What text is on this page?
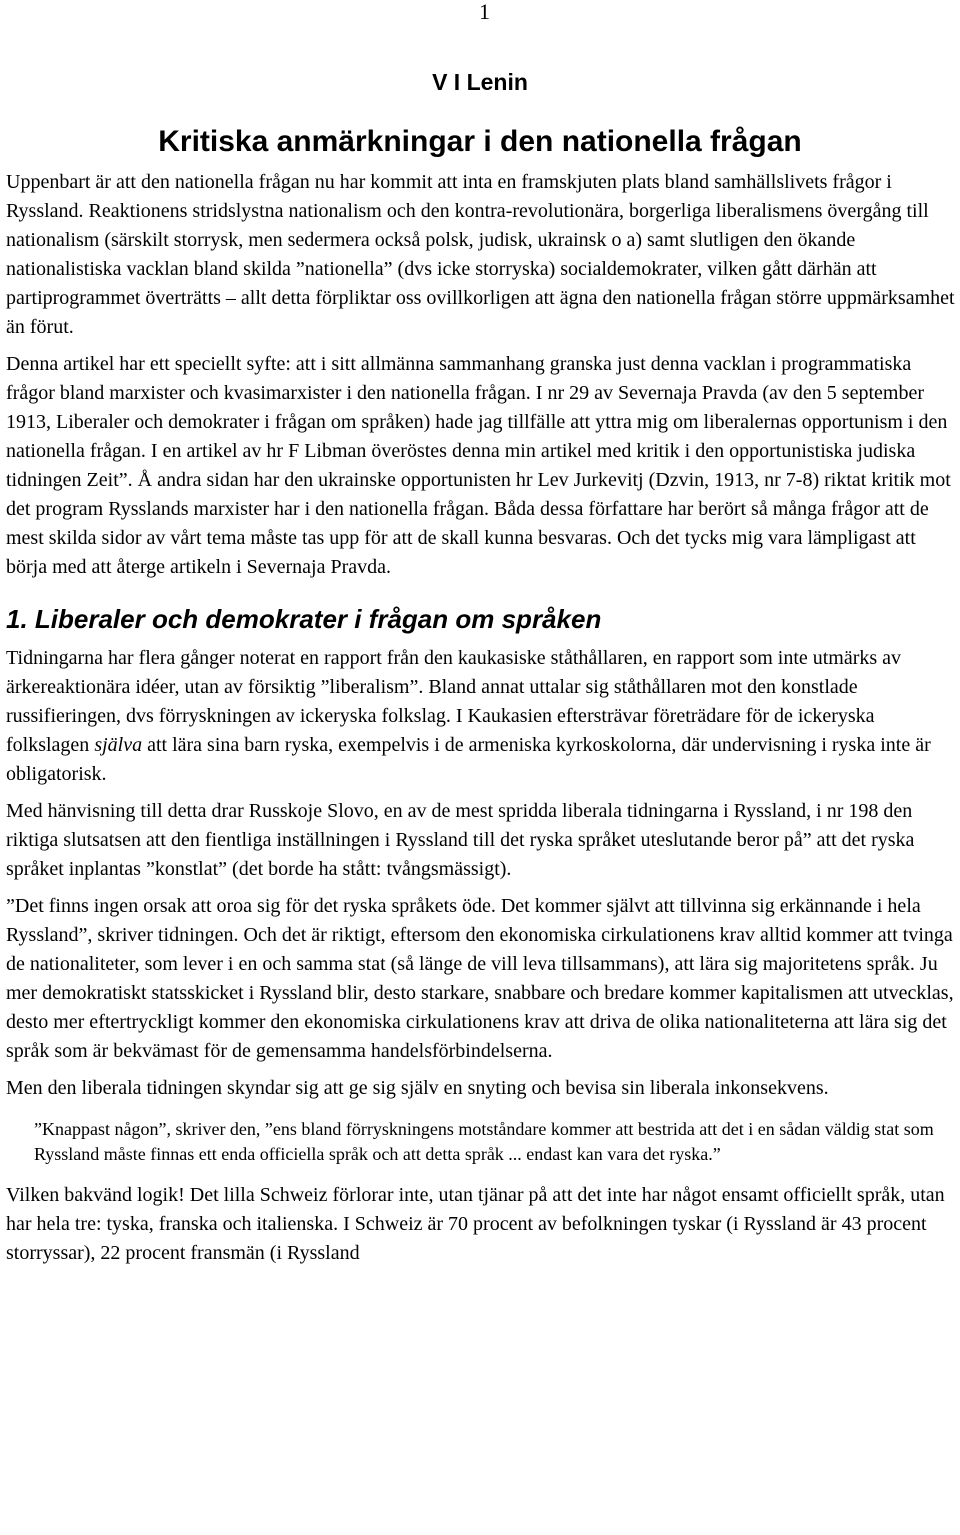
1
V I Lenin
Kritiska anmärkningar i den nationella frågan

Uppenbart är att den nationella frågan nu har kommit att inta en framskjuten plats bland samhällslivets frågor i Ryssland. Reaktionens stridslystna nationalism och den kontra-revolutionära, borgerliga liberalismens övergång till nationalism (särskilt storrysk, men sedermera också polsk, judisk, ukrainsk o a) samt slutligen den ökande nationalistiska vacklan bland skilda ”nationella” (dvs icke storryska) socialdemokrater, vilken gått därhän att partiprogrammet överträtts – allt detta förpliktar oss ovillkorligen att ägna den nationella frågan större uppmärksamhet än förut.

Denna artikel har ett speciellt syfte: att i sitt allmänna sammanhang granska just denna vacklan i programmatiska frågor bland marxister och kvasimarxister i den nationella frågan. I nr 29 av Severnaja Pravda (av den 5 september 1913, Liberaler och demokrater i frågan om språken) hade jag tillfälle att yttra mig om liberalernas opportunism i den nationella frågan. I en artikel av hr F Libman överöstes denna min artikel med kritik i den opportunistiska judiska tidningen Zeit”. Å andra sidan har den ukrainske opportunisten hr Lev Jurkevitj (Dzvin, 1913, nr 7-8) riktat kritik mot det program Rysslands marxister har i den nationella frågan. Båda dessa författare har berört så många frågor att de mest skilda sidor av vårt tema måste tas upp för att de skall kunna besvaras. Och det tycks mig vara lämpligast att börja med att återge artikeln i Severnaja Pravda.

1. Liberaler och demokrater i frågan om språken

Tidningarna har flera gånger noterat en rapport från den kaukasiske ståthållaren, en rapport som inte utmärks av ärkereaktionära idéer, utan av försiktig ”liberalism”. Bland annat uttalar sig ståthållaren mot den konstlade russifieringen, dvs förryskningen av ickeryska folkslag. I Kaukasien eftersträvar företrädare för de ickeryska folkslagen själva att lära sina barn ryska, exempelvis i de armeniska kyrkoskolorna, där undervisning i ryska inte är obligatorisk.

Med hänvisning till detta drar Russkoje Slovo, en av de mest spridda liberala tidningarna i Ryssland, i nr 198 den riktiga slutsatsen att den fientliga inställningen i Ryssland till det ryska språket uteslutande beror på” att det ryska språket inplantas ”konstlat” (det borde ha stått: tvångsmässigt).

”Det finns ingen orsak att oroa sig för det ryska språkets öde. Det kommer självt att tillvinna sig erkännande i hela Ryssland”, skriver tidningen. Och det är riktigt, eftersom den ekonomiska cirkulationens krav alltid kommer att tvinga de nationaliteter, som lever i en och samma stat (så länge de vill leva tillsammans), att lära sig majoritetens språk. Ju mer demokratiskt statsskicket i Ryssland blir, desto starkare, snabbare och bredare kommer kapitalismen att utvecklas, desto mer eftertryckligt kommer den ekonomiska cirkulationens krav att driva de olika nationaliteterna att lära sig det språk som är bekvämast för de gemensamma handelsförbindelserna.

Men den liberala tidningen skyndar sig att ge sig själv en snyting och bevisa sin liberala inkonsekvens.

”Knappast någon”, skriver den, ”ens bland förryskningens motståndare kommer att bestrida att det i en sådan väldig stat som Ryssland måste finnas ett enda officiella språk och att detta språk ... endast kan vara det ryska.”

Vilken bakvänd logik! Det lilla Schweiz förlorar inte, utan tjänar på att det inte har något ensamt officiellt språk, utan har hela tre: tyska, franska och italienska. I Schweiz är 70 procent av befolkningen tyskar (i Ryssland är 43 procent storryssar), 22 procent fransmän (i Ryssland
